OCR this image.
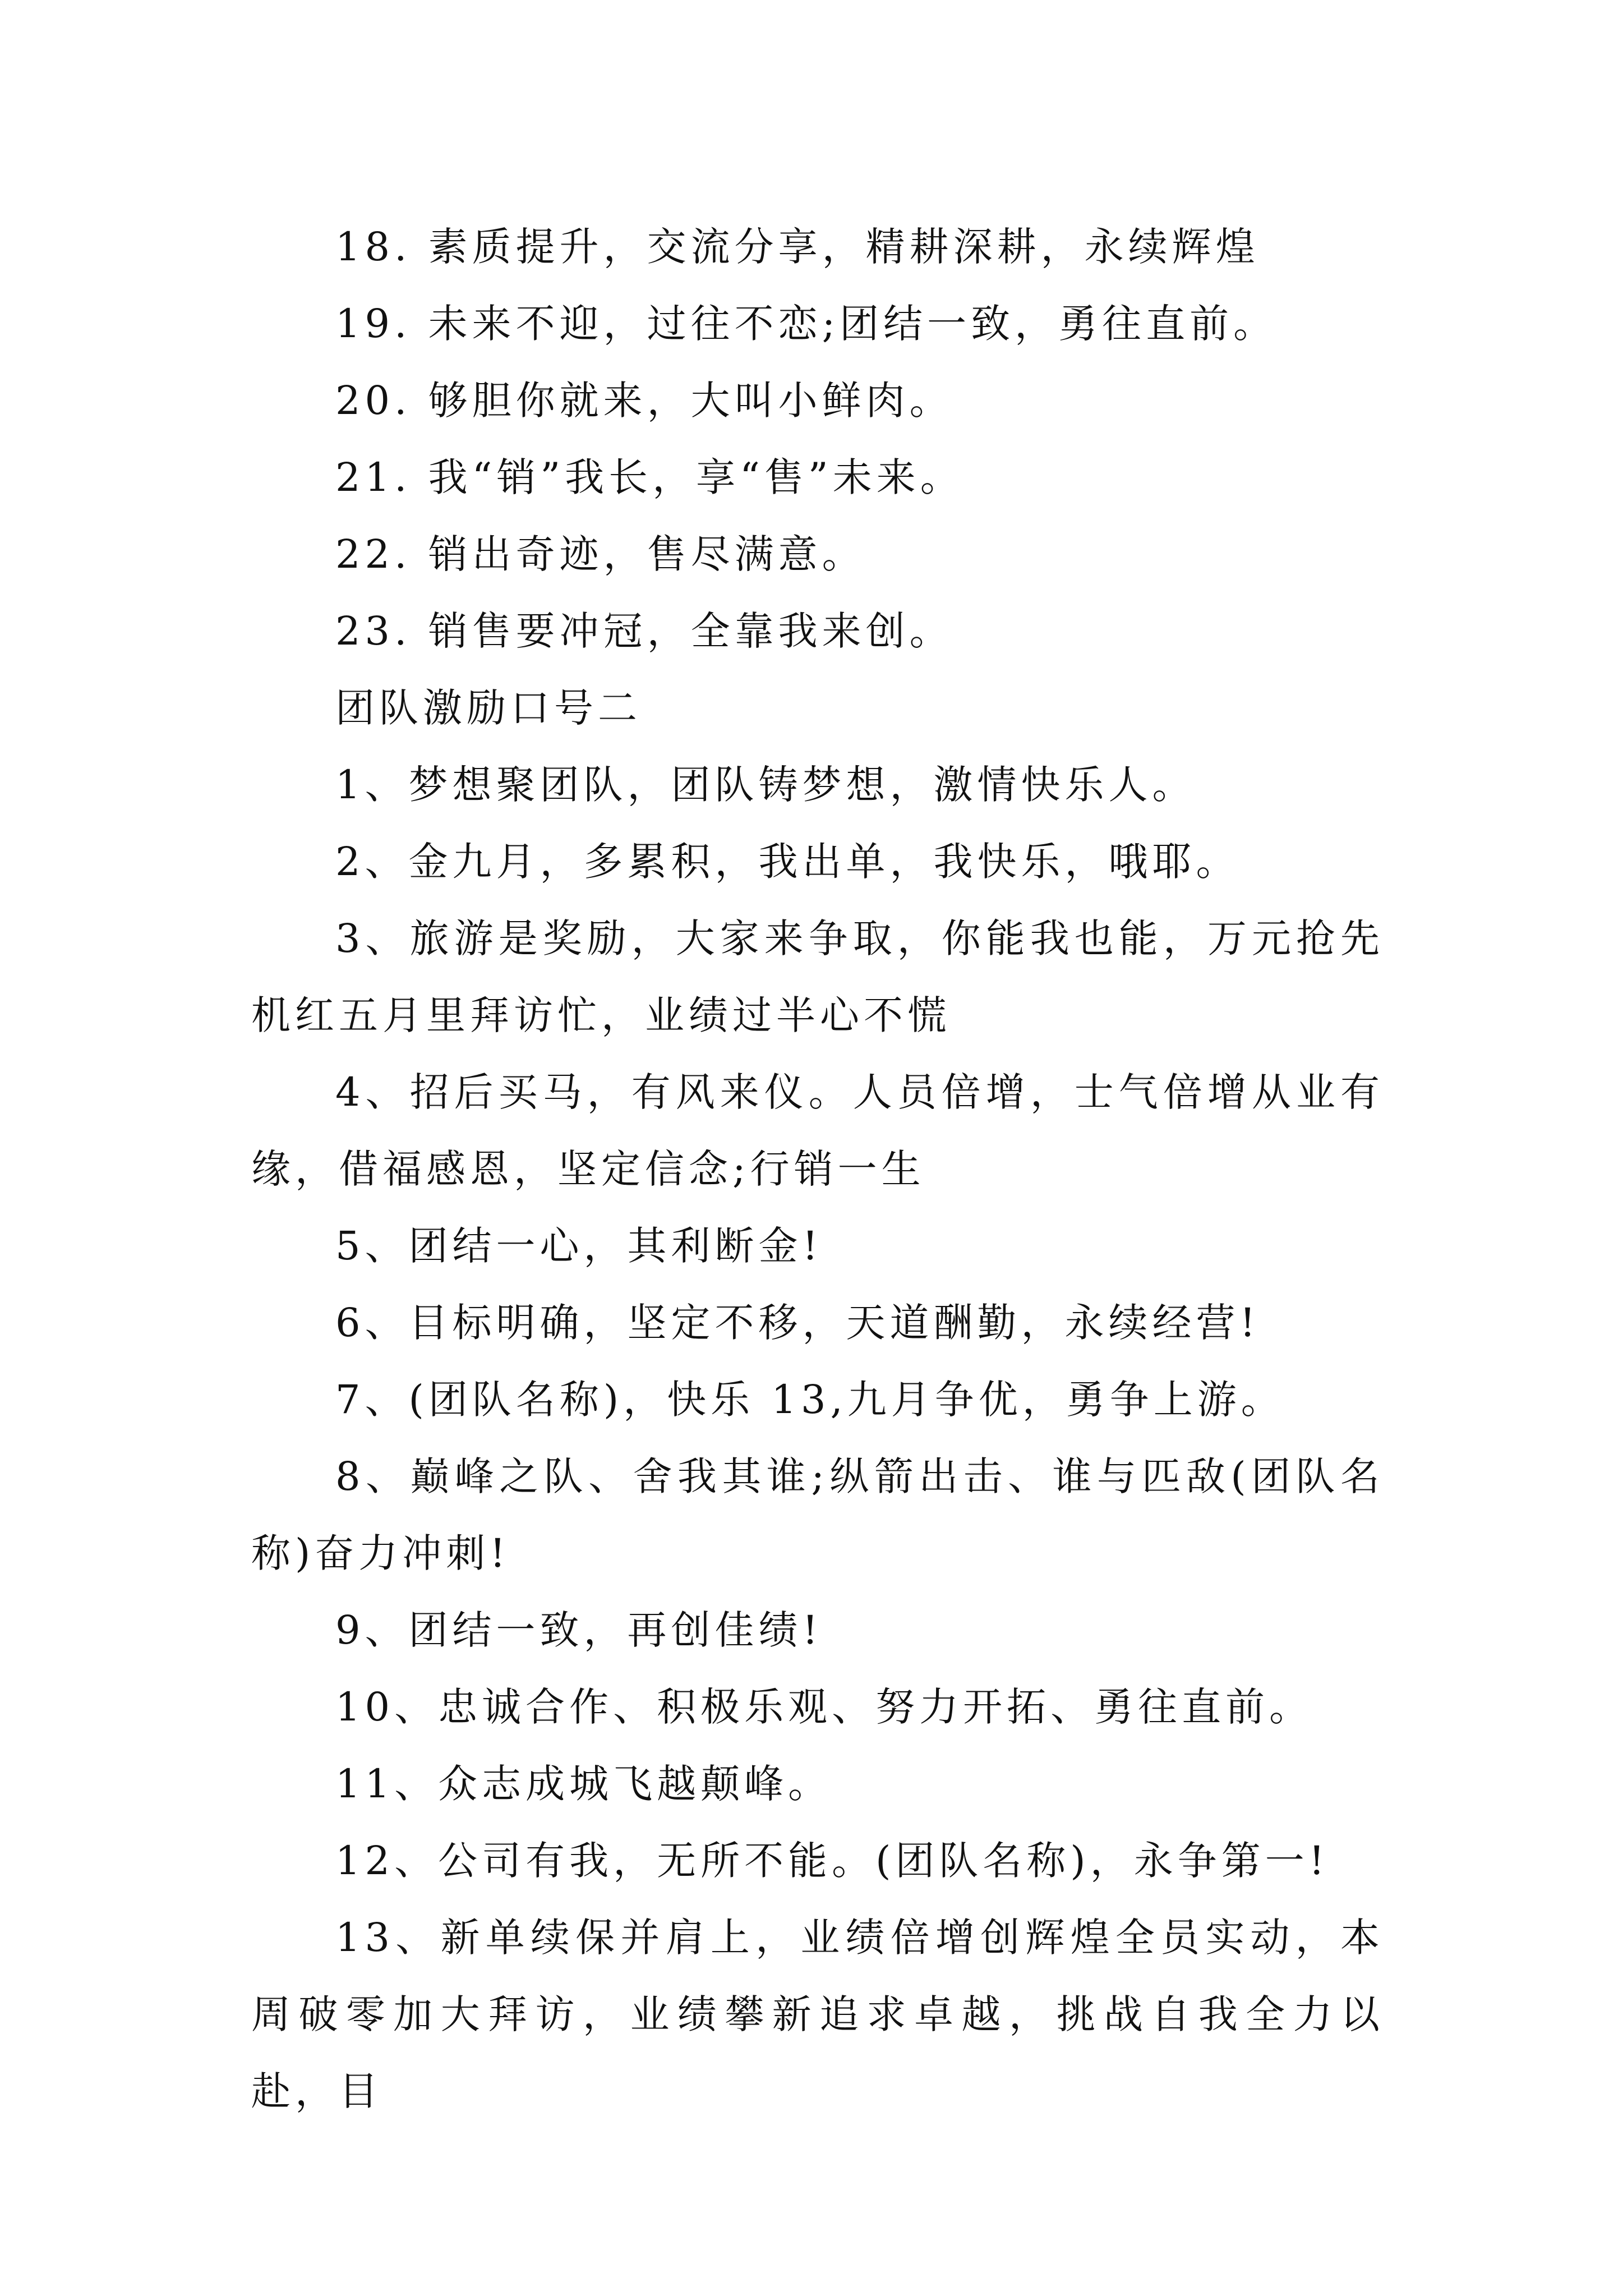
18. 素质提升，交流分享，精耕深耕，永续辉煌

19. 未来不迎，过往不恋;团结一致，勇往直前。

20. 够胆你就来，大叫小鲜肉。

21. 我“销”我长，享“售”未来。

22. 销出奇迹，售尽满意。

23. 销售要冲冠，全靠我来创。

团队激励口号二

1、梦想聚团队，团队铸梦想，激情快乐人。

2、金九月，多累积，我出单，我快乐，哦耶。

3、旅游是奖励，大家来争取，你能我也能，万元抢先机红五月里拜访忙，业绩过半心不慌

4、招后买马，有风来仪。人员倍增，士气倍增从业有缘，借福感恩，坚定信念;行销一生

5、团结一心，其利断金!

6、目标明确，坚定不移，天道酬勤，永续经营!

7、(团队名称)，快乐 13,九月争优，勇争上游。

8、巅峰之队、舍我其谁;纵箭出击、谁与匹敌(团队名称)奋力冲刺!

9、团结一致，再创佳绩!

10、忠诚合作、积极乐观、努力开拓、勇往直前。

11、众志成城飞越颠峰。

12、公司有我，无所不能。(团队名称)，永争第一!

13、新单续保并肩上，业绩倍增创辉煌全员实动，本周破零加大拜访，业绩攀新追求卓越，挑战自我全力以赴，目
